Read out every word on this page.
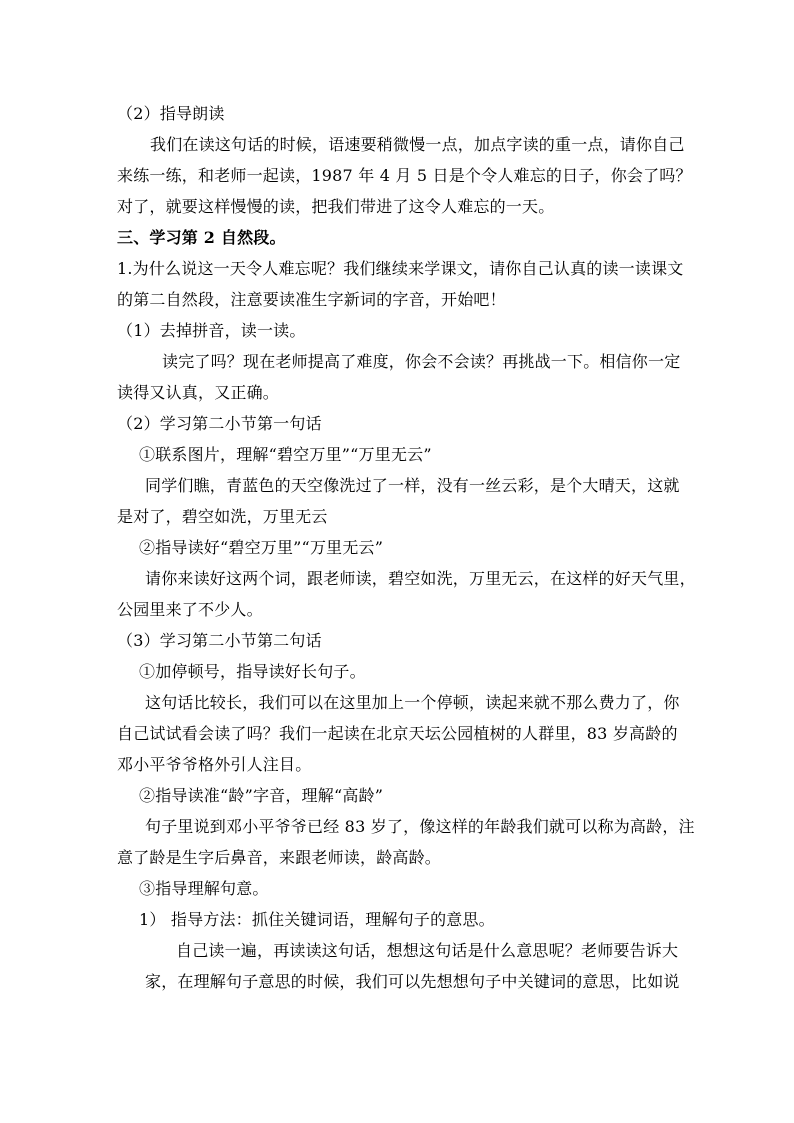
（2）指导朗读
我们在读这句话的时候，语速要稍微慢一点，加点字读的重一点，请你自己
来练一练，和老师一起读，1987 年 4 月 5 日是个令人难忘的日子，你会了吗？
对了，就要这样慢慢的读，把我们带进了这令人难忘的一天。
三、学习第 2 自然段。
1.为什么说这一天令人难忘呢？我们继续来学课文，请你自己认真的读一读课文
的第二自然段，注意要读准生字新词的字音，开始吧！
（1）去掉拼音，读一读。
读完了吗？现在老师提高了难度，你会不会读？再挑战一下。相信你一定
读得又认真，又正确。
（2）学习第二小节第一句话
①联系图片，理解“碧空万里”“万里无云”
同学们瞧，青蓝色的天空像洗过了一样，没有一丝云彩，是个大晴天，这就
是对了，碧空如洗，万里无云
②指导读好“碧空万里”“万里无云”
请你来读好这两个词，跟老师读，碧空如洗，万里无云，在这样的好天气里，
公园里来了不少人。
（3）学习第二小节第二句话
①加停顿号，指导读好长句子。
这句话比较长，我们可以在这里加上一个停顿，读起来就不那么费力了，你
自己试试看会读了吗？我们一起读在北京天坛公园植树的人群里，83 岁高龄的
邓小平爷爷格外引人注目。
②指导读准“龄”字音，理解“高龄”
句子里说到邓小平爷爷已经 83 岁了，像这样的年龄我们就可以称为高龄，注
意了龄是生字后鼻音，来跟老师读，龄高龄。
③指导理解句意。
1） 指导方法：抓住关键词语，理解句子的意思。
自己读一遍，再读读这句话，想想这句话是什么意思呢？老师要告诉大
家，在理解句子意思的时候，我们可以先想想句子中关键词的意思，比如说
